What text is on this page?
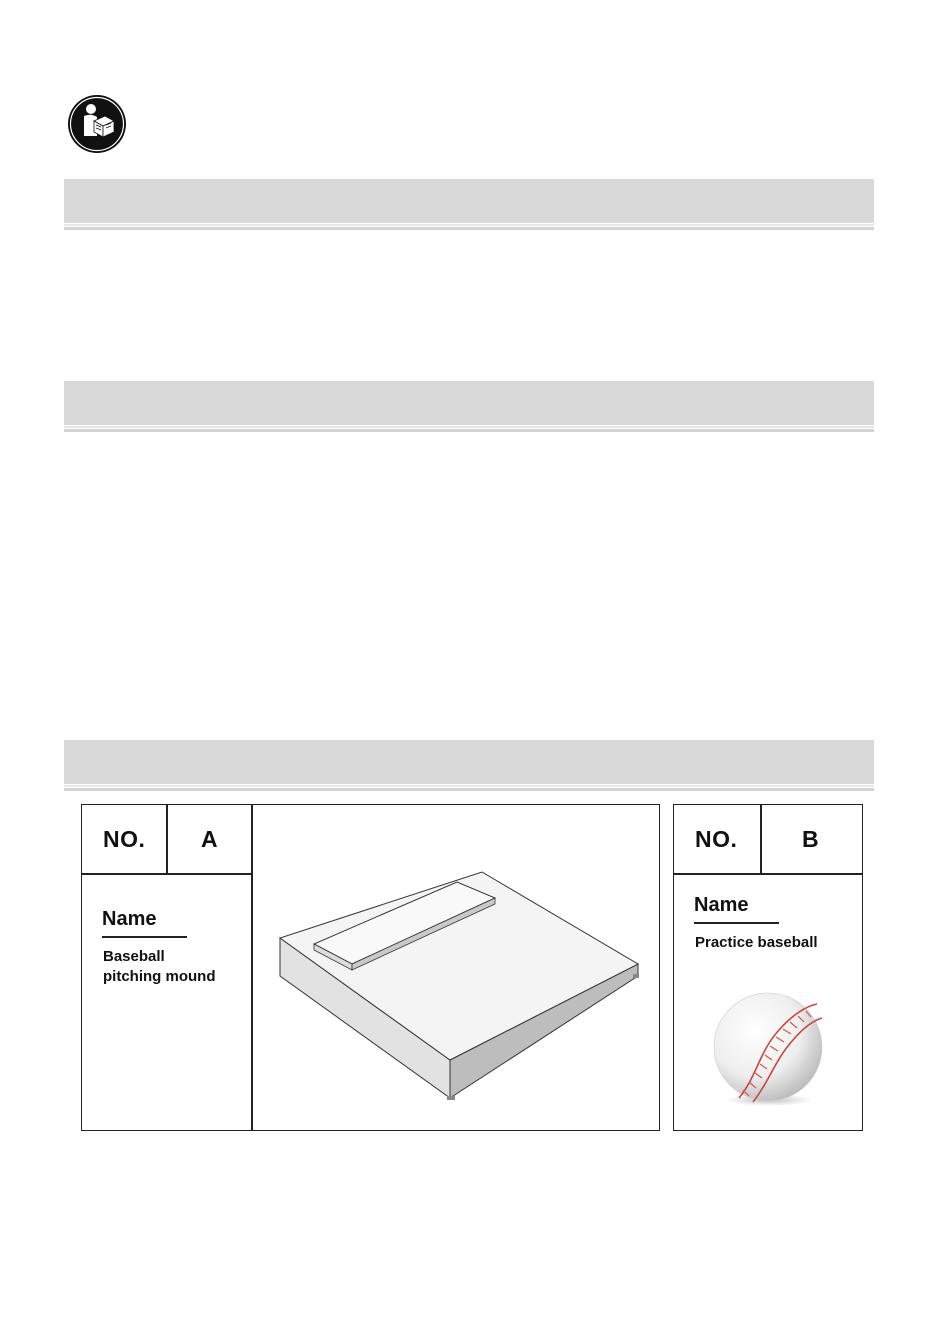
NO. A
Name
Baseball
pitching mound
NO.	B
Name
Practice baseball
